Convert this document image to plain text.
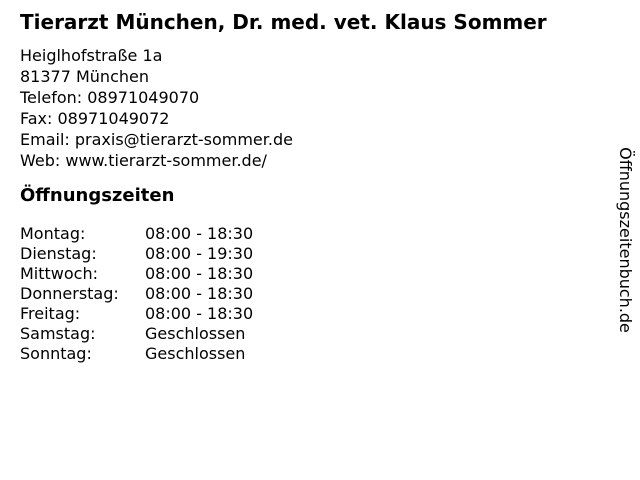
Tierarzt München, Dr. med. vet. Klaus Sommer
Heiglhofstraße 1a
81377 München
Telefon: 08971049070
Fax: 08971049072
Email: praxis@tierarzt-sommer.de
Web: www.tierarzt-sommer.de/
Öffnungszeiten
Montag:	08:00 - 18:30
Dienstag:	08:00 - 19:30
Mittwoch:	08:00 - 18:30
Donnerstag:	08:00 - 18:30
Freitag:	08:00 - 18:30
Samstag:	Geschlossen
Sonntag:	Geschlossen
Öffnungszeitenbuch.de
